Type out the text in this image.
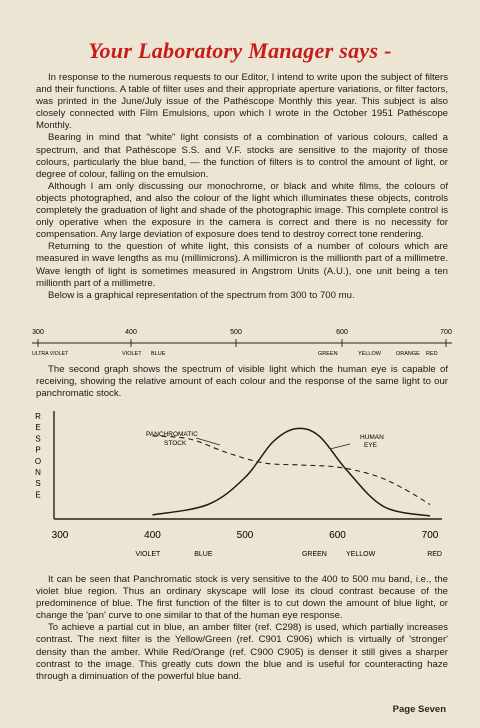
Your Laboratory Manager says -

In response to the numerous requests to our Editor, I intend to write upon the subject of filters and their functions. A table of filter uses and their appropriate aperture variations, or filter factors, was printed in the June/July issue of the Pathéscope Monthly this year. This subject is also closely connected with Film Emulsions, upon which I wrote in the October 1951 Pathéscope Monthly.

Bearing in mind that "white" light consists of a combination of various colours, called a spectrum, and that Pathéscope S.S. and V.F. stocks are sensitive to the majority of those colours, particularly the blue band, — the function of filters is to control the amount of light, or degree of colour, falling on the emulsion.

Although I am only discussing our monochrome, or black and white films, the colours of objects photographed, and also the colour of the light which illuminates these objects, controls completely the graduation of light and shade of the photographic image. This complete control is only operative when the exposure in the camera is correct and there is no necessity for compensation. Any large deviation of exposure does tend to destroy correct tone rendering.

Returning to the question of white light, this consists of a number of colours which are measured in wave lengths as mu (millimicrons). A millimicron is the millionth part of a millimetre. Wave length of light is sometimes measured in Angstrom Units (A.U.), one unit being a ten millionth part of a millimetre.

Below is a graphical representation of the spectrum from 300 to 700 mu.

300	400	500	600	700
ULTRA VIOLET	VIOLET BLUE	GREEN	YELLOW	ORANGE RED

The second graph shows the spectrum of visible light which the human eye is capable of receiving, showing the relative amount of each colour and the response of the same light to our panchromatic stock.

R
E
S
P
O
N
S
E
300	400	500	600	700
VIOLET	BLUE	GREEN	YELLOW	RED
PANCHROMATIC
STOCK
HUMAN
EYE

It can be seen that Panchromatic stock is very sensitive to the 400 to 500 mu band, i.e., the violet blue region. Thus an ordinary skyscape will lose its cloud contrast because of the predominence of blue. The first function of the filter is to cut down the amount of blue light, or change the 'pan' curve to one similar to that of the human eye response.

To achieve a partial cut in blue, an amber filter (ref. C298) is used, which partially increases contrast. The next filter is the Yellow/Green (ref. C901 C906) which is virtually of 'stronger' density than the amber. While Red/Orange (ref. C900 C905) is denser it still gives a sharper contrast to the image. This greatly cuts down the blue and is useful for counteracting haze through a diminuation of the powerful blue band.

Page Seven
